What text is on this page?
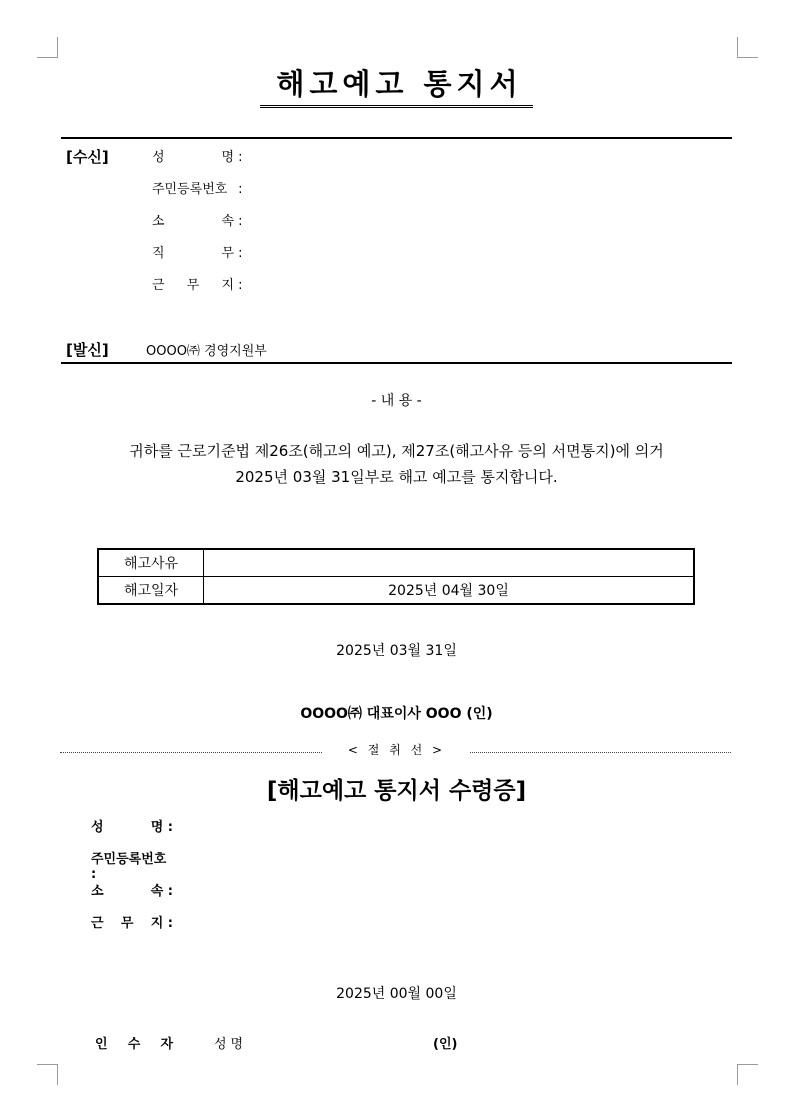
해고예고 통지서
[수신]	성	명 :
주민등록번호 :
소	속 :
직	무 :
근 무 지 :
[발신]	OOOO㈜ 경영지원부
- 내 용 -
귀하를 근로기준법 제26조(해고의 예고), 제27조(해고사유 등의 서면통지)에 의거
2025년 03월 31일부로 해고 예고를 통지합니다.
해고사유	
해고일자	2025년 04월 30일
2025년 03월 31일
OOOO㈜ 대표이사 OOO (인)
< 절 취 선 >
[해고예고 통지서 수령증]
성	명 :
주민등록번호 :
소	속 :
근 무 지 :
2025년 00월 00일
인 수 자	성명	(인)
